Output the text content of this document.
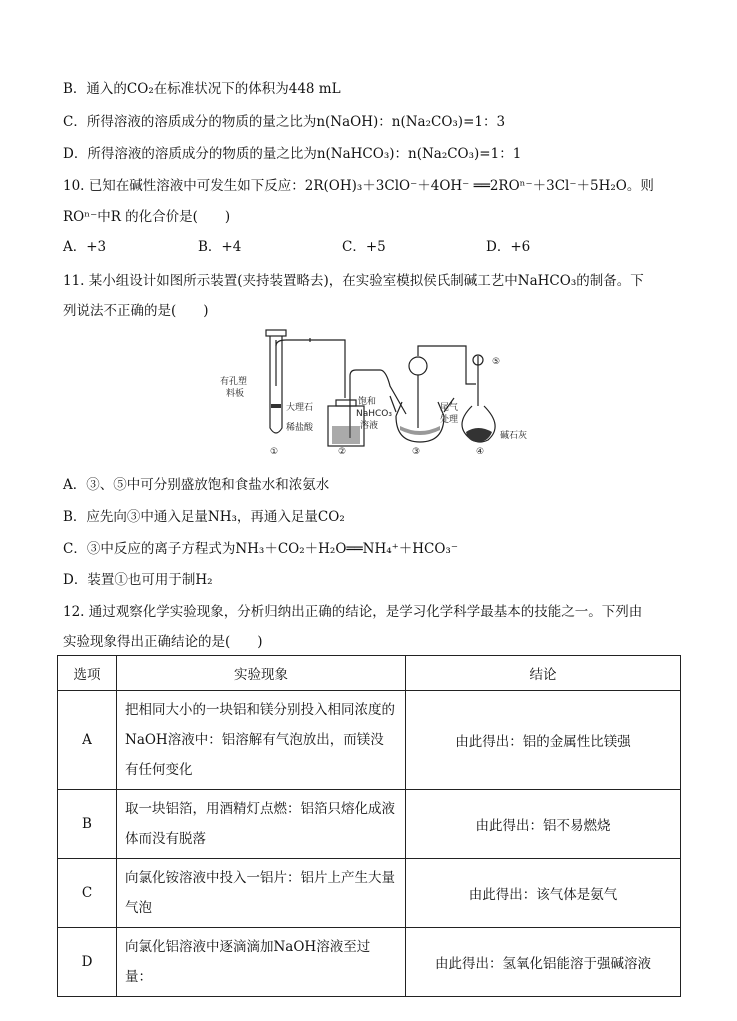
B．通入的CO₂在标准状况下的体积为448 mL
C．所得溶液的溶质成分的物质的量之比为n(NaOH)：n(Na₂CO₃)=1：3
D．所得溶液的溶质成分的物质的量之比为n(NaHCO₃)：n(Na₂CO₃)=1：1
10. 已知在碱性溶液中可发生如下反应：2R(OH)₃＋3ClO⁻＋4OH⁻ ══2ROⁿ⁻＋3Cl⁻＋5H₂O。则
ROⁿ⁻中R 的化合价是(　　)
A．+3	B．+4	C．+5	D．+6
11. 某小组设计如图所示装置(夹持装置略去)，在实验室模拟侯氏制碱工艺中NaHCO₃的制备。下
列说法不正确的是(　　)
有孔塑
料板
大理石
稀盐酸
饱和
NaHCO₃
溶液
尾气
处理
碱石灰
①	②	③	④
⑤
A．③、⑤中可分别盛放饱和食盐水和浓氨水
B．应先向③中通入足量NH₃，再通入足量CO₂
C．③中反应的离子方程式为NH₃＋CO₂＋H₂O══NH₄⁺＋HCO₃⁻
D．装置①也可用于制H₂
12. 通过观察化学实验现象，分析归纳出正确的结论，是学习化学科学最基本的技能之一。下列由
实验现象得出正确结论的是(　　)
选项	实验现象	结论
A	把相同大小的一块铝和镁分别投入相同浓度的NaOH溶液中：铝溶解有气泡放出，而镁没有任何变化	由此得出：铝的金属性比镁强
B	取一块铝箔，用酒精灯点燃：铝箔只熔化成液体而没有脱落	由此得出：铝不易燃烧
C	向氯化铵溶液中投入一铝片：铝片上产生大量气泡	由此得出：该气体是氨气
D	向氯化铝溶液中逐滴滴加NaOH溶液至过量：	由此得出：氢氧化铝能溶于强碱溶液
